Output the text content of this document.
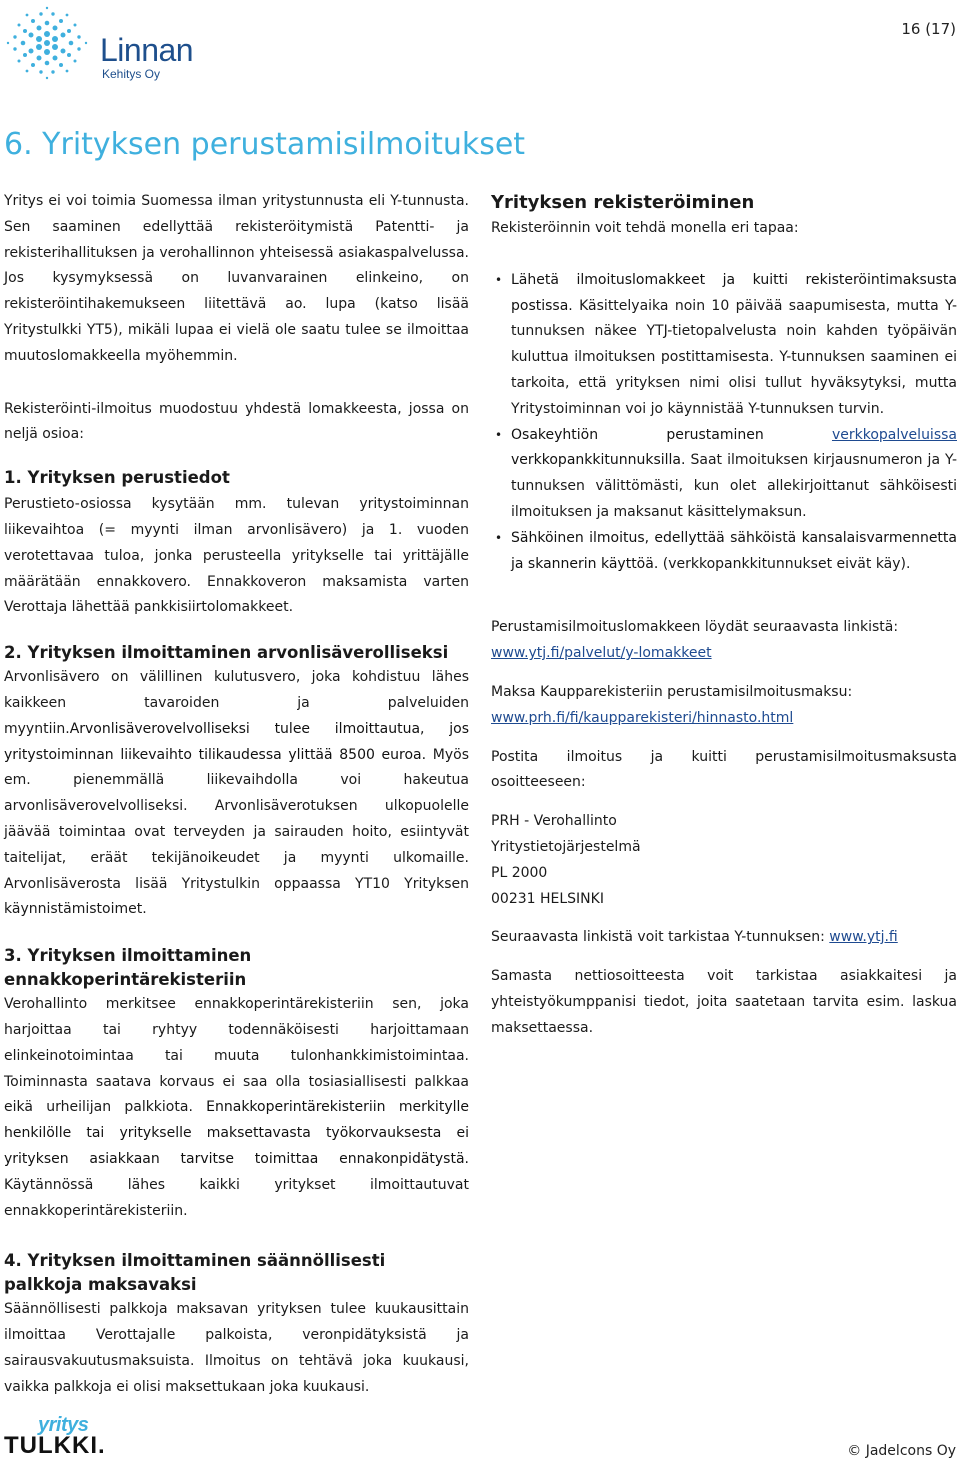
Linnan
Kehitys Oy
16 (17)
6. Yrityksen perustamisilmoitukset

Yritys ei voi toimia Suomessa ilman yritystunnusta eli Y-tunnusta. Sen saaminen edellyttää rekisteröitymistä Patentti- ja rekisterihallituksen ja verohallinnon yhteisessä asiakaspalvelussa. Jos kysymyksessä on luvanvarainen elinkeino, on rekisteröintihakemukseen liitettävä ao. lupa (katso lisää Yritystulkki YT5), mikäli lupaa ei vielä ole saatu tulee se ilmoittaa muutoslomakkeella myöhemmin.

Rekisteröinti-ilmoitus muodostuu yhdestä lomakkeesta, jossa on neljä osioa:

1. Yrityksen perustiedot

Perustieto-osiossa kysytään mm. tulevan yritystoiminnan liikevaihtoa (= myynti ilman arvonlisävero) ja 1. vuoden verotettavaa tuloa, jonka perusteella yritykselle tai yrittäjälle määrätään ennakkovero. Ennakkoveron maksamista varten Verottaja lähettää pankkisiirtolomakkeet.

2. Yrityksen ilmoittaminen arvonlisäverolliseksi

Arvonlisävero on välillinen kulutusvero, joka kohdistuu lähes kaikkeen tavaroiden ja palveluiden myyntiin.Arvonlisäverovelvolliseksi tulee ilmoittautua, jos yritystoiminnan liikevaihto tilikaudessa ylittää 8500 euroa. Myös em. pienemmällä liikevaihdolla voi hakeutua arvonlisäverovelvolliseksi. Arvonlisäverotuksen ulkopuolelle jäävää toimintaa ovat terveyden ja sairauden hoito, esiintyvät taitelijat, eräät tekijänoikeudet ja myynti ulkomaille. Arvonlisäverosta lisää Yritystulkin oppaassa YT10 Yrityksen käynnistämistoimet.

3. Yrityksen ilmoittaminen ennakkoperintärekisteriin

Verohallinto merkitsee ennakkoperintärekisteriin sen, joka harjoittaa tai ryhtyy todennäköisesti harjoittamaan elinkeinotoimintaa tai muuta tulonhankkimistoimintaa. Toiminnasta saatava korvaus ei saa olla tosiasiallisesti palkkaa eikä urheilijan palkkiota. Ennakkoperintärekisteriin merkitylle henkilölle tai yritykselle maksettavasta työkorvauksesta ei yrityksen asiakkaan tarvitse toimittaa ennakonpidätystä. Käytännössä lähes kaikki yritykset ilmoittautuvat ennakkoperintärekisteriin.

4. Yrityksen ilmoittaminen säännöllisesti palkkoja maksavaksi

Säännöllisesti palkkoja maksavan yrityksen tulee kuukausittain ilmoittaa Verottajalle palkoista, veronpidätyksistä ja sairausvakuutusmaksuista. Ilmoitus on tehtävä joka kuukausi, vaikka palkkoja ei olisi maksettukaan joka kuukausi.

Yrityksen rekisteröiminen

Rekisteröinnin voit tehdä monella eri tapaa:

• Lähetä ilmoituslomakkeet ja kuitti rekisteröintimaksusta postissa. Käsittelyaika noin 10 päivää saapumisesta, mutta Y-tunnuksen näkee YTJ-tietopalvelusta noin kahden työpäivän kuluttua ilmoituksen postittamisesta. Y-tunnuksen saaminen ei tarkoita, että yrityksen nimi olisi tullut hyväksytyksi, mutta Yritystoiminnan voi jo käynnistää Y-tunnuksen turvin.

• Osakeyhtiön perustaminen verkkopalveluissa verkkopankkitunnuksilla. Saat ilmoituksen kirjausnumeron ja Y-tunnuksen välittömästi, kun olet allekirjoittanut sähköisesti ilmoituksen ja maksanut käsittelymaksun.

• Sähköinen ilmoitus, edellyttää sähköistä kansalaisvarmennetta ja skannerin käyttöä. (verkkopankkitunnukset eivät käy).

Perustamisilmoituslomakkeen löydät seuraavasta linkistä:

www.ytj.fi/palvelut/y-lomakkeet

Maksa Kaupparekisteriin perustamisilmoitusmaksu:

www.prh.fi/fi/kaupparekisteri/hinnasto.html

Postita ilmoitus ja kuitti perustamisilmoitusmaksusta osoitteeseen:

PRH - Verohallinto

Yritystietojärjestelmä

PL 2000

00231 HELSINKI

Seuraavasta linkistä voit tarkistaa Y-tunnuksen: www.ytj.fi

Samasta nettiosoitteesta voit tarkistaa asiakkaitesi ja yhteistyökumppanisi tiedot, joita saatetaan tarvita esim. laskua maksettaessa.

yritys
TULKKI.	© Jadelcons Oy
